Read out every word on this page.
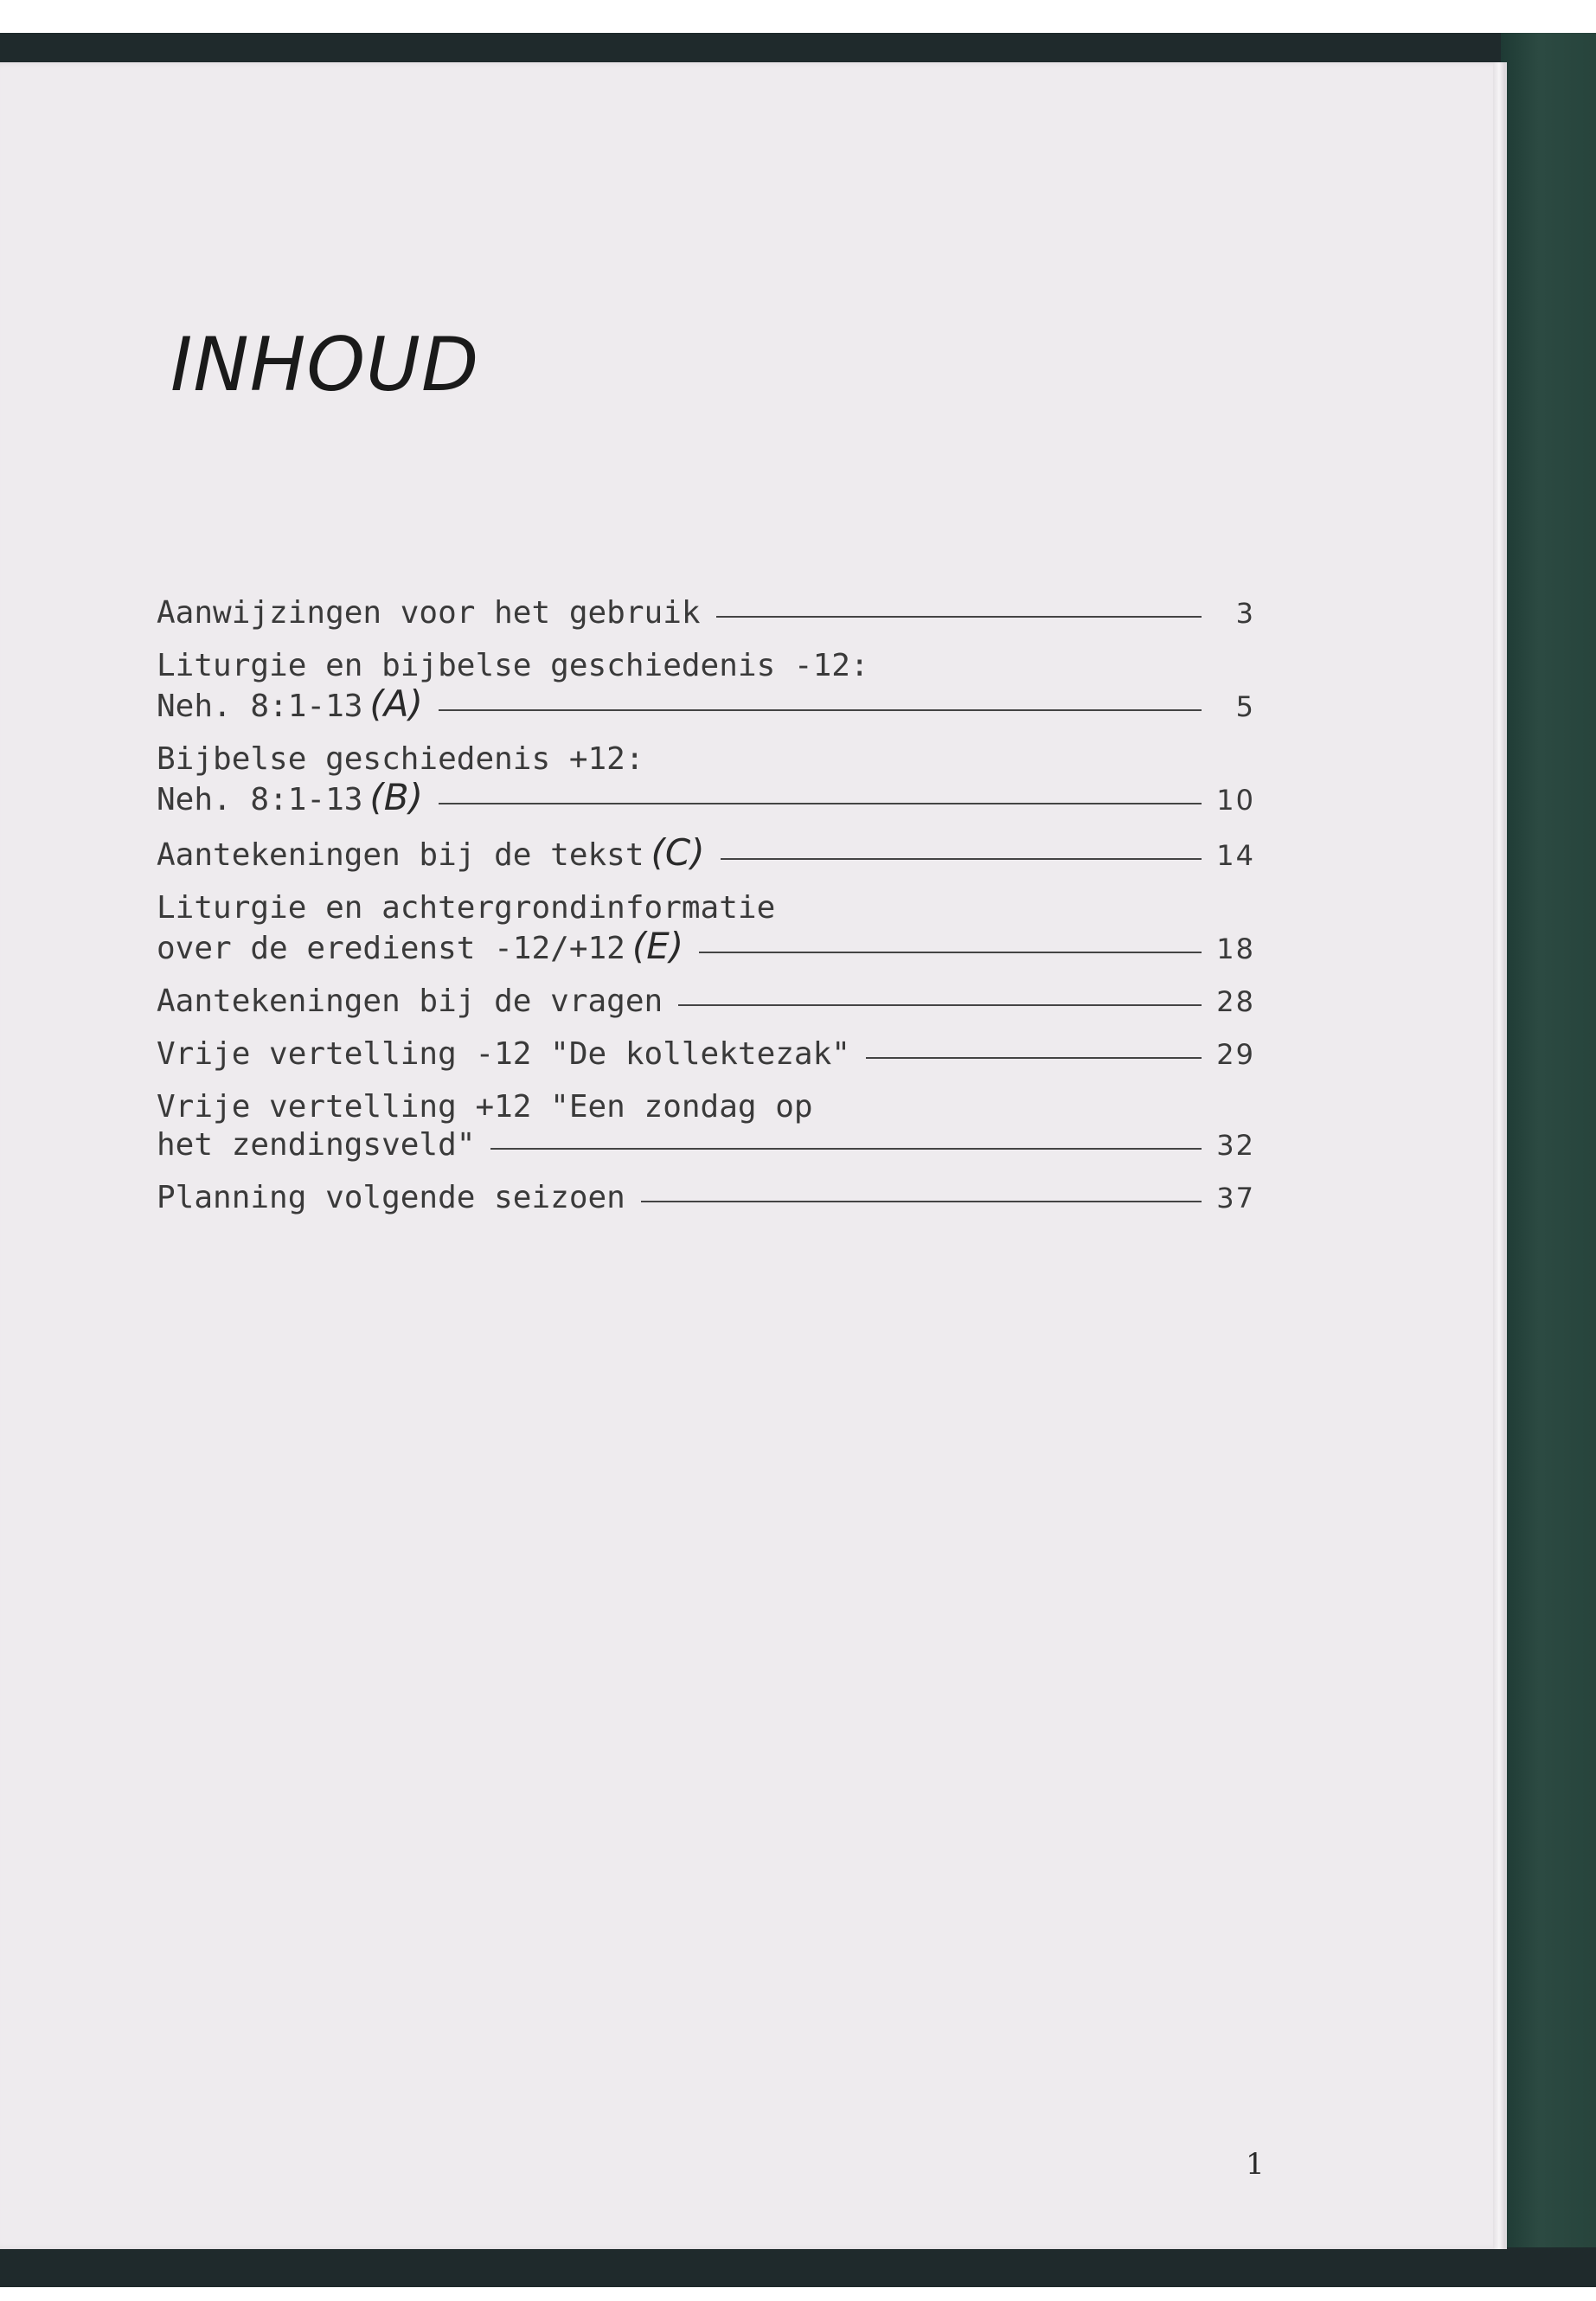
INHOUD
Aanwijzingen voor het gebruik	3
Liturgie en bijbelse geschiedenis -12:
Neh. 8:1-13 (A)	5
Bijbelse geschiedenis +12:
Neh. 8:1-13 (B)	10
Aantekeningen bij de tekst (C)	14
Liturgie en achtergrondinformatie
over de eredienst -12/+12 (E)	18
Aantekeningen bij de vragen	28
Vrije vertelling -12 "De kollektezak"	29
Vrije vertelling +12 "Een zondag op
het zendingsveld"	32
Planning volgende seizoen	37
1
